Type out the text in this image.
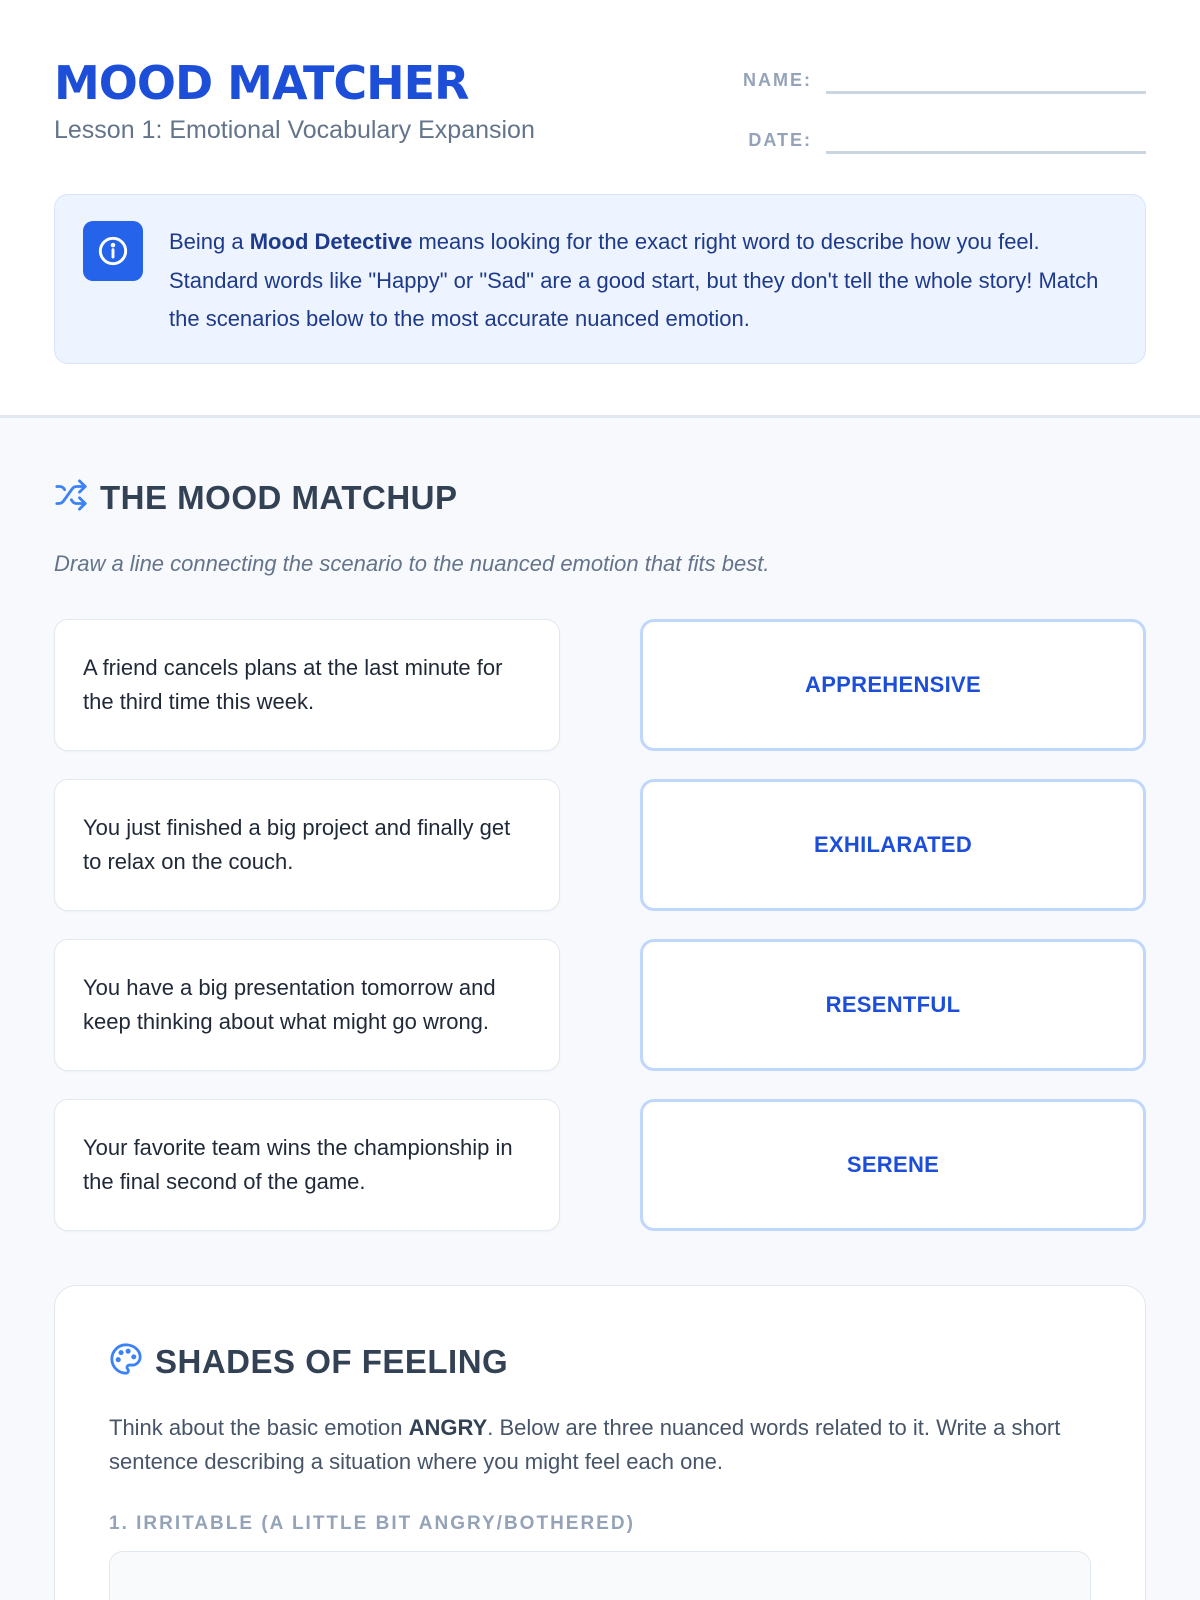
MOOD MATCHER
Lesson 1: Emotional Vocabulary Expansion
NAME:
DATE:

Being a Mood Detective means looking for the exact right word to describe how you feel. Standard words like "Happy" or "Sad" are a good start, but they don't tell the whole story! Match the scenarios below to the most accurate nuanced emotion.

THE MOOD MATCHUP

Draw a line connecting the scenario to the nuanced emotion that fits best.

A friend cancels plans at the last minute for the third time this week.
You just finished a big project and finally get to relax on the couch.
You have a big presentation tomorrow and keep thinking about what might go wrong.
Your favorite team wins the championship in the final second of the game.
APPREHENSIVE
EXHILARATED
RESENTFUL
SERENE
SHADES OF FEELING

Think about the basic emotion ANGRY. Below are three nuanced words related to it. Write a short sentence describing a situation where you might feel each one.

1. IRRITABLE (A LITTLE BIT ANGRY/BOTHERED)
